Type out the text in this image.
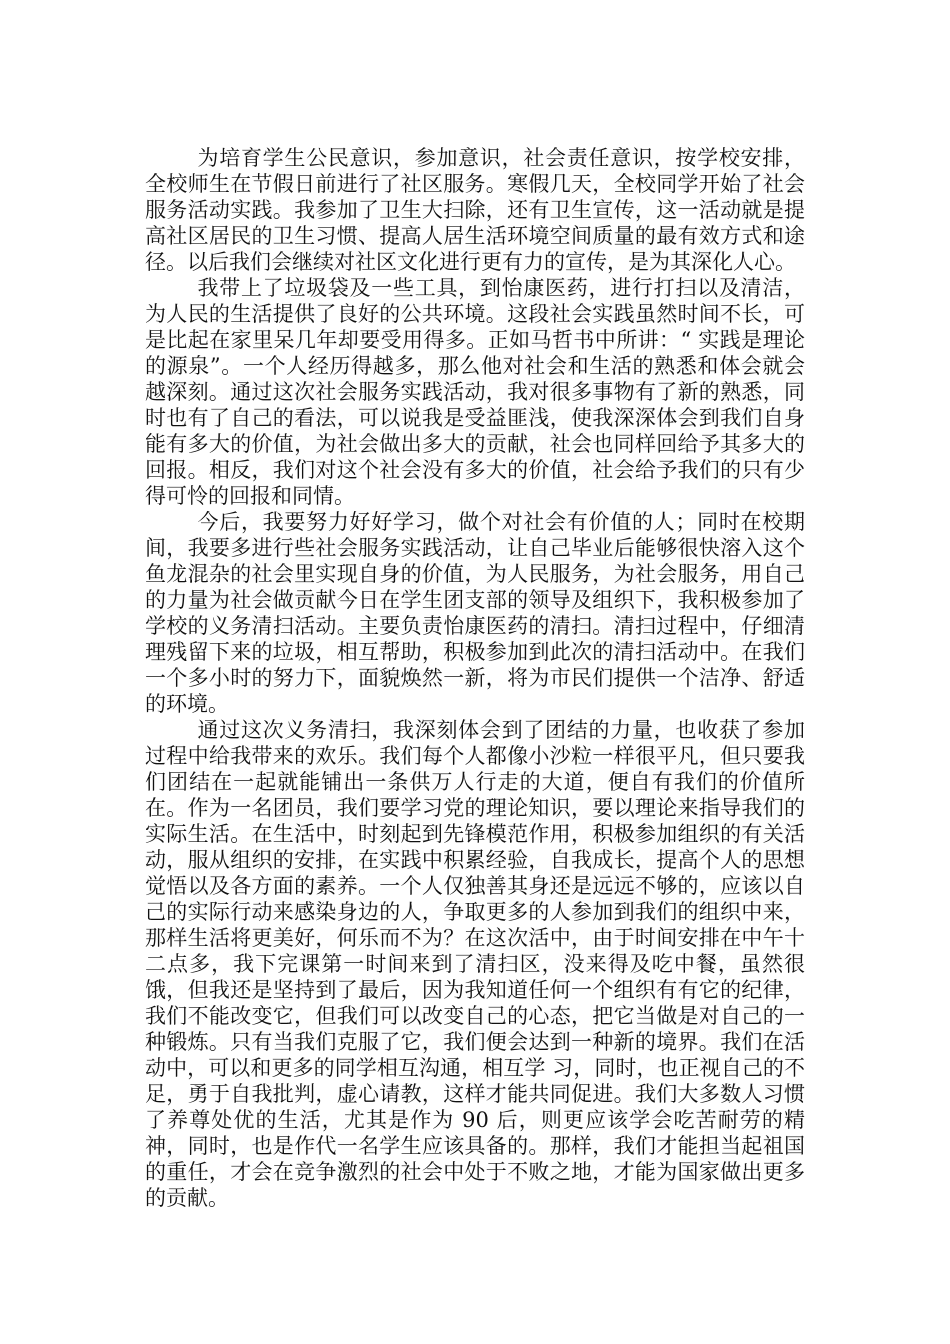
为培育学生公民意识，参加意识，社会责任意识，按学校安排，全校师生在节假日前进行了社区服务。寒假几天，全校同学开始了社会服务活动实践。我参加了卫生大扫除，还有卫生宣传，这一活动就是提高社区居民的卫生习惯、提高人居生活环境空间质量的最有效方式和途径。以后我们会继续对社区文化进行更有力的宣传，是为其深化人心。

我带上了垃圾袋及一些工具，到怡康医药，进行打扫以及清洁，为人民的生活提供了良好的公共环境。这段社会实践虽然时间不长，可是比起在家里呆几年却要受用得多。正如马哲书中所讲：“ 实践是理论的源泉”。一个人经历得越多，那么他对社会和生活的熟悉和体会就会越深刻。通过这次社会服务实践活动，我对很多事物有了新的熟悉，同时也有了自己的看法，可以说我是受益匪浅，使我深深体会到我们自身能有多大的价值，为社会做出多大的贡献，社会也同样回给予其多大的回报。相反，我们对这个社会没有多大的价值，社会给予我们的只有少得可怜的回报和同情。

今后，我要努力好好学习，做个对社会有价值的人；同时在校期间，我要多进行些社会服务实践活动，让自己毕业后能够很快溶入这个鱼龙混杂的社会里实现自身的价值，为人民服务，为社会服务，用自己的力量为社会做贡献今日在学生团支部的领导及组织下，我积极参加了学校的义务清扫活动。主要负责怡康医药的清扫。清扫过程中，仔细清理残留下来的垃圾，相互帮助，积极参加到此次的清扫活动中。在我们一个多小时的努力下，面貌焕然一新，将为市民们提供一个洁净、舒适的环境。

通过这次义务清扫，我深刻体会到了团结的力量，也收获了参加过程中给我带来的欢乐。我们每个人都像小沙粒一样很平凡，但只要我们团结在一起就能铺出一条供万人行走的大道，便自有我们的价值所在。作为一名团员，我们要学习党的理论知识，要以理论来指导我们的实际生活。在生活中，时刻起到先锋模范作用，积极参加组织的有关活动，服从组织的安排，在实践中积累经验，自我成长，提高个人的思想觉悟以及各方面的素养。一个人仅独善其身还是远远不够的，应该以自己的实际行动来感染身边的人，争取更多的人参加到我们的组织中来，那样生活将更美好，何乐而不为？在这次活中，由于时间安排在中午十二点多，我下完课第一时间来到了清扫区，没来得及吃中餐，虽然很饿，但我还是坚持到了最后，因为我知道任何一个组织有有它的纪律，我们不能改变它，但我们可以改变自己的心态，把它当做是对自己的一种锻炼。只有当我们克服了它，我们便会达到一种新的境界。我们在活动中，可以和更多的同学相互沟通，相互学 习，同时，也正视自己的不足，勇于自我批判，虚心请教，这样才能共同促进。我们大多数人习惯了养尊处优的生活，尤其是作为 90 后，则更应该学会吃苦耐劳的精神，同时，也是作代一名学生应该具备的。那样，我们才能担当起祖国的重任，才会在竞争激烈的社会中处于不败之地，才能为国家做出更多的贡献。
